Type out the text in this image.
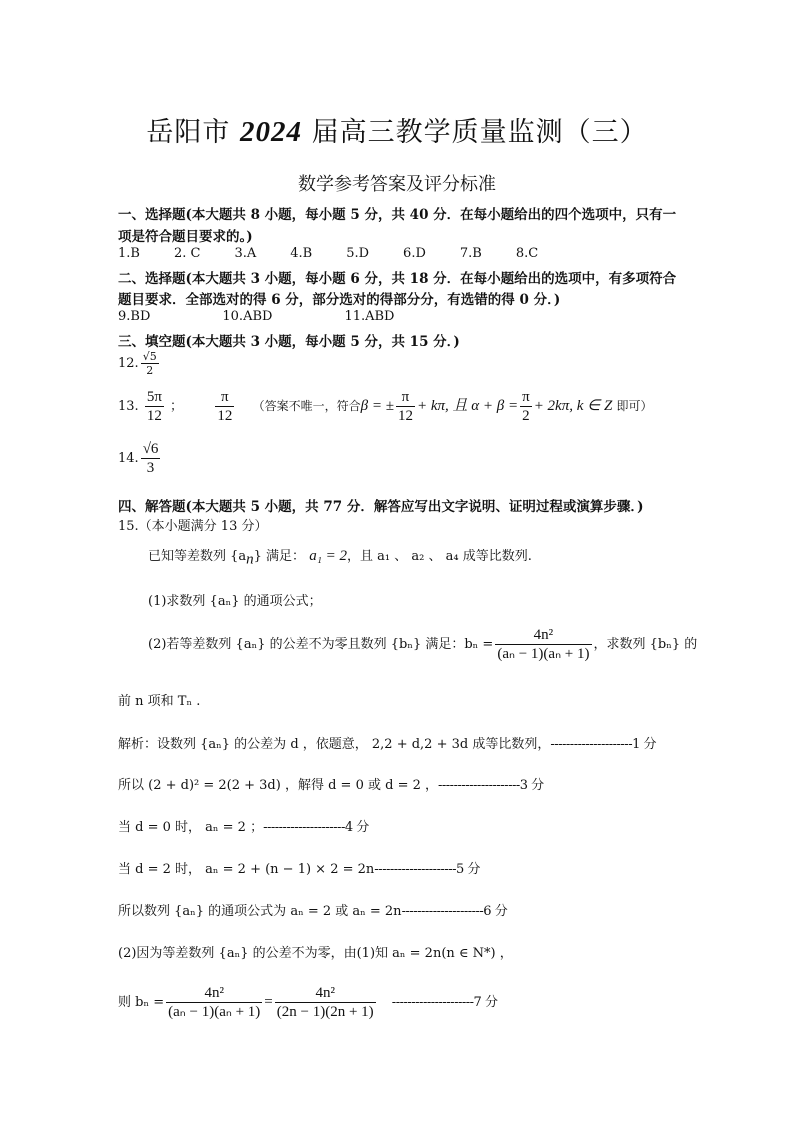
岳阳市 2024 届高三教学质量监测（三）
数学参考答案及评分标准
一、选择题(本大题共 8 小题，每小题 5 分，共 40 分．在每小题给出的四个选项中，只有一
项是符合题目要求的。)
1.B	2. C	3.A	4.B	5.D	6.D	7.B	8.C
二、选择题(本大题共 3 小题，每小题 6 分，共 18 分．在每小题给出的选项中，有多项符合
题目要求．全部选对的得 6 分，部分选对的得部分分，有选错的得 0 分．)
9.BD	10.ABD	11.ABD
三、填空题(本大题共 3 小题，每小题 5 分，共 15 分．)
12. $\frac{√5}{2}$
13. $\frac{5\pi}{12}$ ； $\frac{\pi}{12}$ （答案不唯一，符合β = ± $\frac{\pi}{12} + k\pi$, 且 $\alpha + \beta = \frac{\pi}{2} + 2k\pi$, k ∈ Z 即可）
14. $\frac{√6}{3}$
四、解答题(本大题共 5 小题，共 77 分．解答应写出文字说明、证明过程或演算步骤．)
15.（本小题满分 13 分）
已知等差数列 $\{a_n\}$ 满足： a₁ = 2，且 a₁ 、 a₂ 、 a₄ 成等比数列.
(1)求数列 {aₙ} 的通项公式；
(2)若等差数列 {aₙ} 的公差不为零且数列 {bₙ} 满足：$b_n = \frac{\text{4n²}}{\text{(aₙ − 1)(aₙ + 1)}}$ ，求数列 {bₙ} 的
前 n 项和 Tₙ .
解析：设数列 {aₙ} 的公差为 d ，依题意， 2,2 + d,2 + 3d 成等比数列，---------------------1 分
所以 (2 + d)² = 2(2 + 3d) ，解得 d = 0 或 d = 2 ，---------------------3 分
当 d = 0 时， aₙ = 2 ；---------------------4 分
当 d = 2 时， aₙ = 2 + (n − 1) × 2 = 2n---------------------5 分
所以数列 {aₙ} 的通项公式为 aₙ = 2 或 aₙ = 2n---------------------6 分
(2)因为等差数列 {aₙ} 的公差不为零，由(1)知 aₙ = 2n(n ∈ N*) ，
则 $b_n = \frac{\text{4n²}}{\text{(aₙ − 1)(aₙ + 1)}} = \frac{\text{4n²}}{(2n - 1)(2n + 1)} ---------------------7$ 分
